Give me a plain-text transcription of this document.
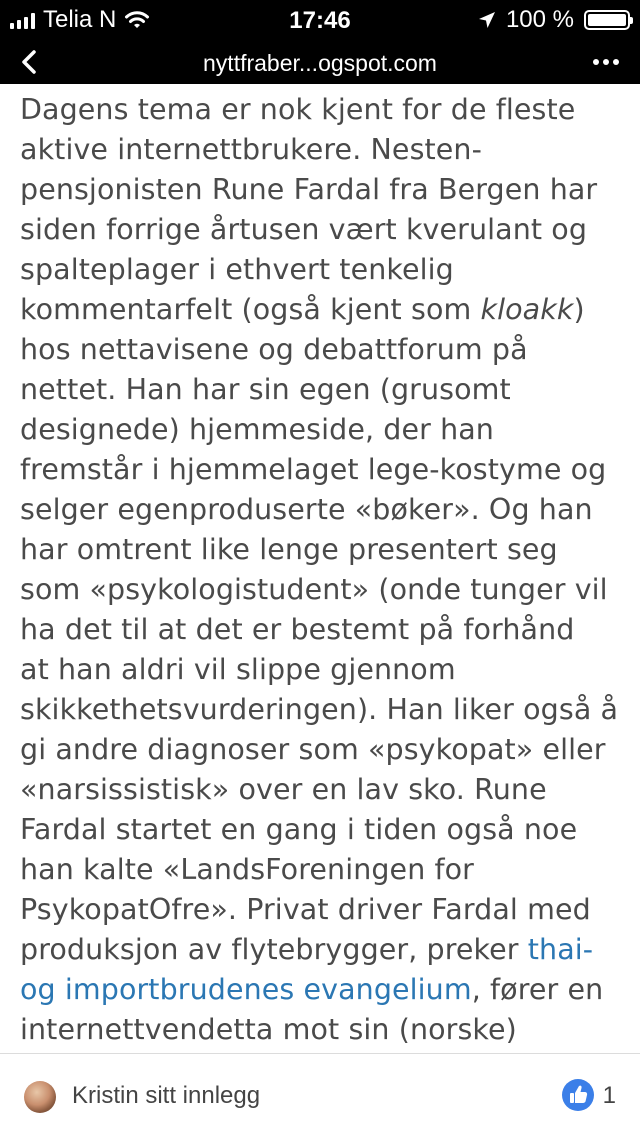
Telia N	17:46	100 %
nyttfraber...ogspot.com
Dagens tema er nok kjent for de fleste
aktive internettbrukere. Nesten-
pensjonisten Rune Fardal fra Bergen har
siden forrige årtusen vært kverulant og
spalteplager i ethvert tenkelig
kommentarfelt (også kjent som kloakk)
hos nettavisene og debattforum på
nettet. Han har sin egen (grusomt
designede) hjemmeside, der han
fremstår i hjemmelaget lege-kostyme og
selger egenproduserte «bøker». Og han
har omtrent like lenge presentert seg
som «psykologistudent» (onde tunger vil
ha det til at det er bestemt på forhånd
at han aldri vil slippe gjennom
skikkethetsvurderingen). Han liker også å
gi andre diagnoser som «psykopat» eller
«narsissistisk» over en lav sko. Rune
Fardal startet en gang i tiden også noe
han kalte «LandsForeningen for
PsykopatOfre». Privat driver Fardal med
produksjon av flytebrygger, preker thai-
og importbrudenes evangelium, fører en
internettvendetta mot sin (norske)
Kristin sitt innlegg	1
